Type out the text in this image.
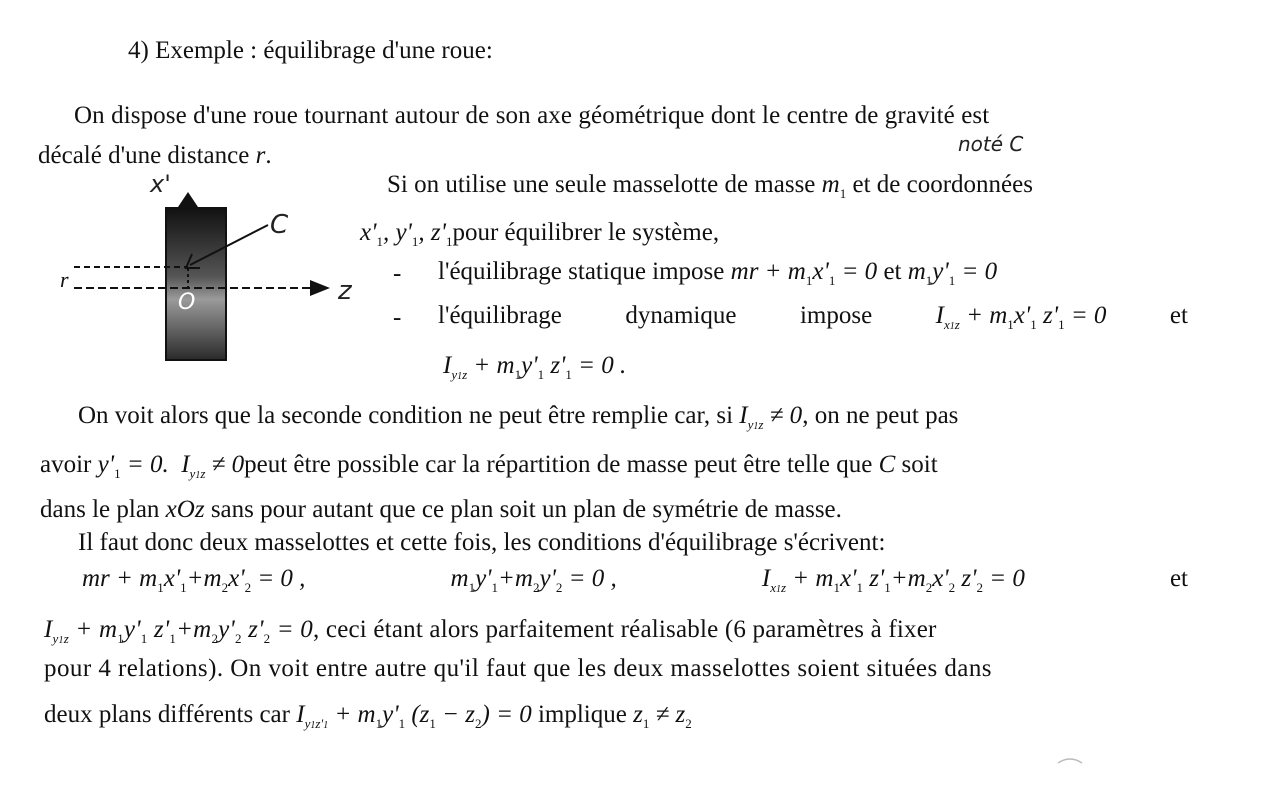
4) Exemple : équilibrage d'une roue:
On dispose d'une roue tournant autour de son axe géométrique dont le centre de gravité est
décalé d'une distance r.	noté C
x'
C
r
O	z
Si on utilise une seule masselotte de masse $m_1$ et de coordonnées
$x'_1$, $y'_1$, $z'_1pour$ équilibrer le système,
- l'équilibrage statique impose mr + $m_1x'_1 = 0$ et $m_1y'_1 = 0$
- l'équilibrage	dynamique	impose	$I_{x1z} + m_1x'_1$ $z'_1 = 0$	et
$I_{y1z} + m_1y'_1$ $z'_1 = 0$ .
On voit alors que la seconde condition ne peut être remplie car, si $I_{y1z} \ne 0$, on ne peut pas
avoir $y'_1 = 0$.  $I_{y1z}$ ≠ 0peut être possible car la répartition de masse peut être telle que C soit
dans le plan xOz sans pour autant que ce plan soit un plan de symétrie de masse.
Il faut donc deux masselottes et cette fois, les conditions d'équilibrage s'écrivent:
mr + $m_1x'_1+m_2x'_2 = 0$ ,	$m_1y'_1+m_2y'_2 = 0$ ,	$I_{x1z} + m_1x'_1$ $z'_1+m_2x'_2$ $z'_2 = 0$	et
$I_{y1z} + m_1y'_1$ $z'_1+m_2y'_2$ $z'_2 = 0$, ceci étant alors parfaitement réalisable (6 paramètres à fixer
pour 4 relations). On voit entre autre qu'il faut que les deux masselottes soient situées dans
deux plans différents car $I_{y1z'1} + m_1y'_1$ $(z_1 - z_2) = 0$ implique $z_1 \ne z_2$
